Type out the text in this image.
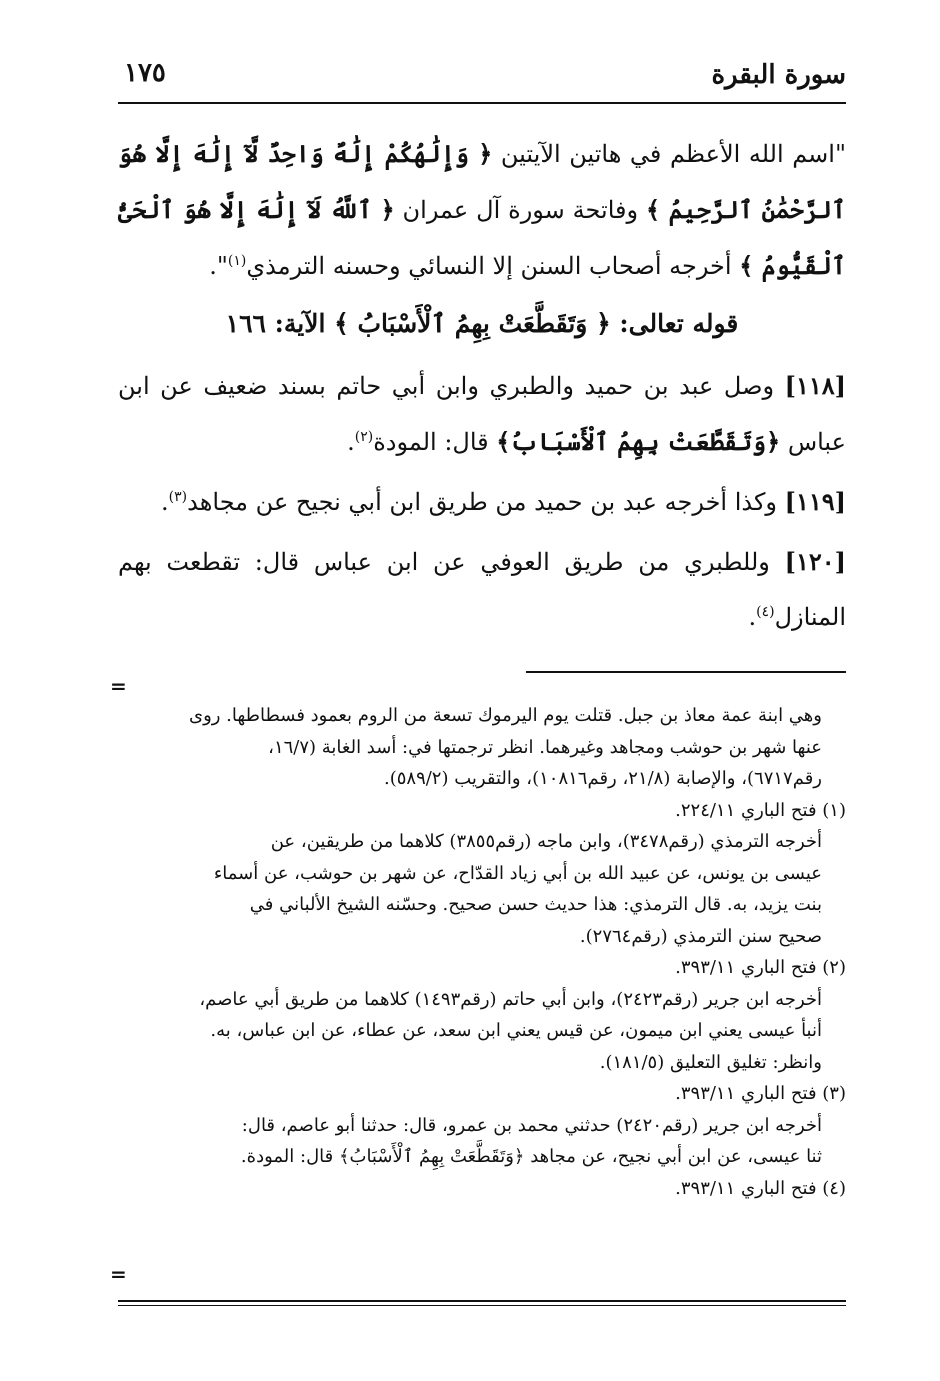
سورة البقرة
١٧٥

"اسم الله الأعظم في هاتين الآيتين ﴿ وَإِلَٰهُكُمْ إِلَٰهٌ وَاحِدٌ لَّآ إِلَٰهَ إِلَّا هُوَ ٱلرَّحْمَٰنُ ٱلرَّحِيمُ ﴾ وفاتحة سورة آل عمران ﴿ ٱللَّهُ لَآ إِلَٰهَ إِلَّا هُوَ ٱلْحَىُّ ٱلْقَيُّومُ ﴾ أخرجه أصحاب السنن إلا النسائي وحسنه الترمذي$^{(١)}$".

قوله تعالى: ﴿ وَتَقَطَّعَتْ بِهِمُ ٱلْأَسْبَابُ ﴾ الآية: ١٦٦

[١١٨] وصل عبد بن حميد والطبري وابن أبي حاتم بسند ضعيف عن ابن عباس ﴿وَتَقَطَّعَتْ بِهِمُ ٱلْأَسْبَابُ﴾ قال: المودة$^{(٢)}$.

[١١٩] وكذا أخرجه عبد بن حميد من طريق ابن أبي نجيح عن مجاهد$^{(٣)}$.

[١٢٠] وللطبري من طريق العوفي عن ابن عباس قال: تقطعت بهم المنازل$^{(٤)}$.

=

وهي ابنة عمة معاذ بن جبل. قتلت يوم اليرموك تسعة من الروم بعمود فسطاطها. روى

عنها شهر بن حوشب ومجاهد وغيرهما. انظر ترجمتها في: أسد الغابة (١٦/٧،

رقم٦٧١٧)، والإصابة (٢١/٨، رقم١٠٨١٦)، والتقريب (٥٨٩/٢).

(١) فتح الباري ٢٢٤/١١.

أخرجه الترمذي (رقم٣٤٧٨)، وابن ماجه (رقم٣٨٥٥) كلاهما من طريقين، عن

عيسى بن يونس، عن عبيد الله بن أبي زياد القدّاح، عن شهر بن حوشب، عن أسماء

بنت يزيد، به. قال الترمذي: هذا حديث حسن صحيح. وحسّنه الشيخ الألباني في

صحيح سنن الترمذي (رقم٢٧٦٤).

(٢) فتح الباري ٣٩٣/١١.

أخرجه ابن جرير (رقم٢٤٢٣)، وابن أبي حاتم (رقم١٤٩٣) كلاهما من طريق أبي عاصم،

أنبأ عيسى يعني ابن ميمون، عن قيس يعني ابن سعد، عن عطاء، عن ابن عباس، به.

وانظر: تغليق التعليق (١٨١/٥).

(٣) فتح الباري ٣٩٣/١١.

أخرجه ابن جرير (رقم٢٤٢٠) حدثني محمد بن عمرو، قال: حدثنا أبو عاصم، قال:

ثنا عيسى، عن ابن أبي نجيح، عن مجاهد ﴿وَتَقَطَّعَتْ بِهِمُ ٱلْأَسْبَابُ﴾ قال: المودة.

(٤) فتح الباري ٣٩٣/١١.

=
